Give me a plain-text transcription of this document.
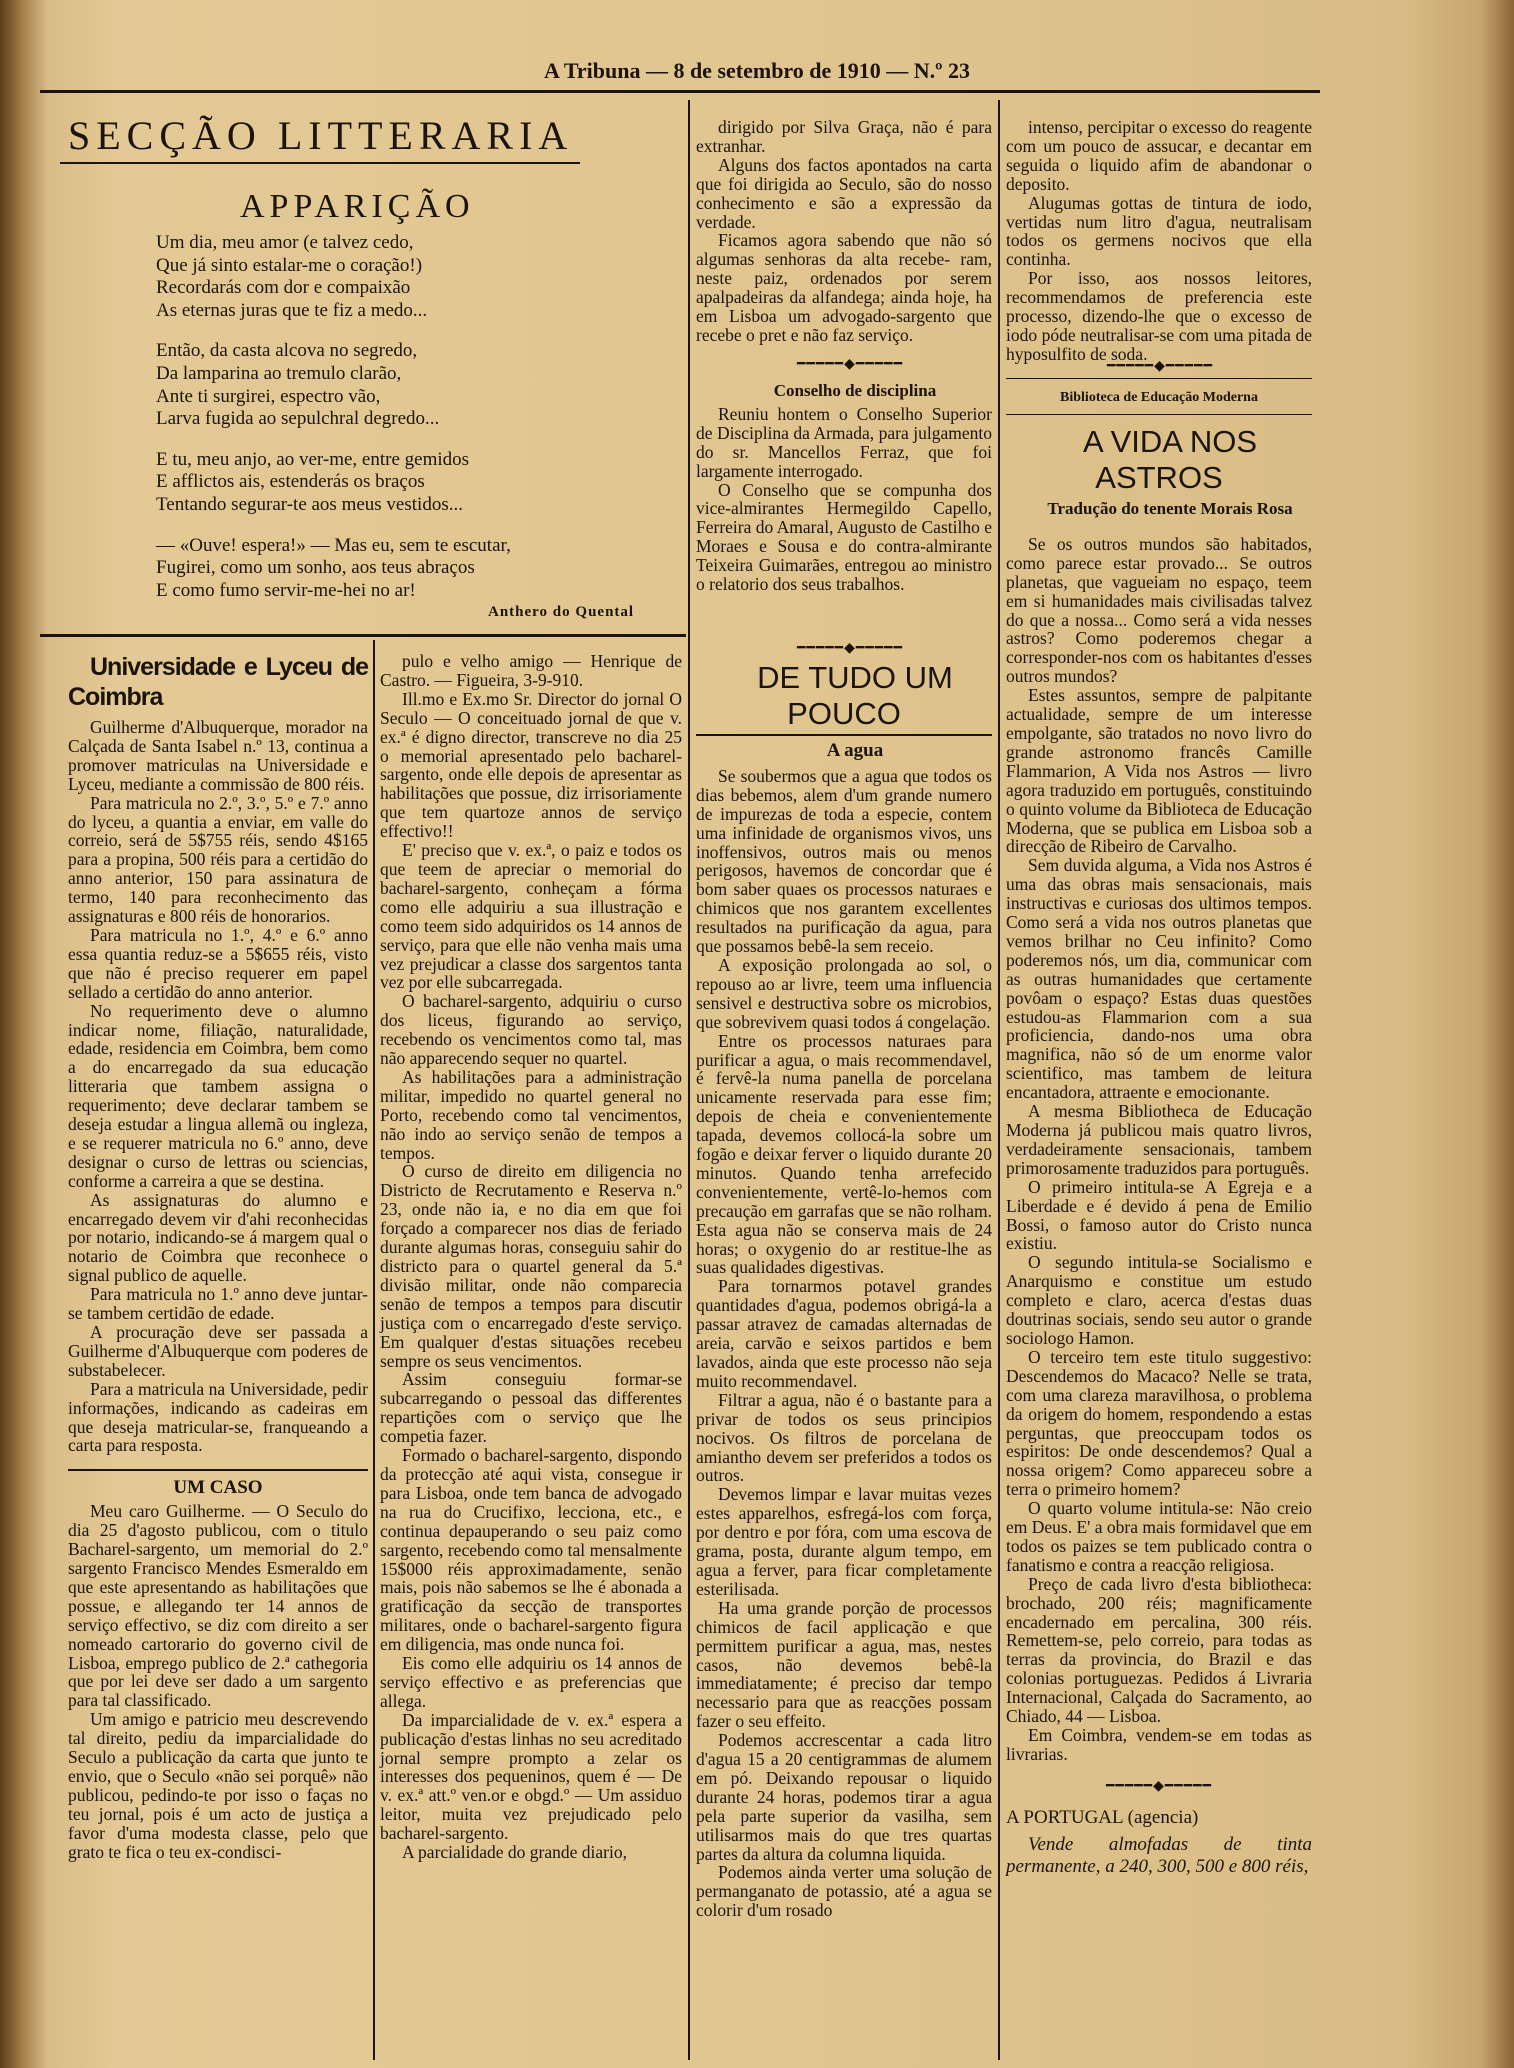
A Tribuna — 8 de setembro de 1910 — N.º 23
SECÇÃO LITTERARIA
APPARIÇÃO
Um dia, meu amor (e talvez cedo,
Que já sinto estalar-me o coração!)
Recordarás com dor e compaixão
As eternas juras que te fiz a medo...
Então, da casta alcova no segredo,
Da lamparina ao tremulo clarão,
Ante ti surgirei, espectro vão,
Larva fugida ao sepulchral degredo...
E tu, meu anjo, ao ver-me, entre gemidos
E afflictos ais, estenderás os braços
Tentando segurar-te aos meus vestidos...
— «Ouve! espera!» — Mas eu, sem te escutar,
Fugirei, como um sonho, aos teus abraços
E como fumo servir-me-hei no ar!
Anthero do Quental

dirigido por Silva Graça, não é para extranhar.

Alguns dos factos apontados na carta que foi dirigida ao Seculo, são do nosso conhecimento e são a expressão da verdade.

Ficamos agora sabendo que não só algumas senhoras da alta recebe- ram, neste paiz, ordenados por serem apalpadeiras da alfandega; ainda hoje, ha em Lisboa um advogado-sargento que recebe o pret e não faz serviço.

━━━━━◆━━━━━

Conselho de disciplina

Reuniu hontem o Conselho Superior de Disciplina da Armada, para julgamento do sr. Mancellos Ferraz, que foi largamente interrogado.

O Conselho que se compunha dos vice-almirantes Hermegildo Capello, Ferreira do Amaral, Augusto de Castilho e Moraes e Sousa e do contra-almirante Teixeira Guimarães, entregou ao ministro o relatorio dos seus trabalhos.

━━━━━◆━━━━━

intenso, percipitar o excesso do reagente com um pouco de assucar, e decantar em seguida o liquido afim de abandonar o deposito.

Alugumas gottas de tintura de iodo, vertidas num litro d'agua, neutralisam todos os germens nocivos que ella continha.

Por isso, aos nossos leitores, recommendamos de preferencia este processo, dizendo-lhe que o excesso de iodo póde neutralisar-se com uma pitada de hyposulfito de soda.

━━━━━◆━━━━━
Biblioteca de Educação Moderna

A VIDA NOS ASTROS

Tradução do tenente Morais Rosa

Se os outros mundos são habitados, como parece estar provado... Se outros planetas, que vagueiam no espaço, teem em si humanidades mais civilisadas talvez do que a nossa... Como será a vida nesses astros? Como poderemos chegar a corresponder-nos com os habitantes d'esses outros mundos?

Estes assuntos, sempre de palpitante actualidade, sempre de um interesse empolgante, são tratados no novo livro do grande astronomo francês Camille Flammarion, A Vida nos Astros — livro agora traduzido em português, constituindo o quinto volume da Biblioteca de Educação Moderna, que se publica em Lisboa sob a direcção de Ribeiro de Carvalho.

Sem duvida alguma, a Vida nos Astros é uma das obras mais sensacionais, mais instructivas e curiosas dos ultimos tempos. Como será a vida nos outros planetas que vemos brilhar no Ceu infinito? Como poderemos nós, um dia, communicar com as outras humanidades que certamente povôam o espaço? Estas duas questões estudou-as Flammarion com a sua proficiencia, dando-nos uma obra magnifica, não só de um enorme valor scientifico, mas tambem de leitura encantadora, attraente e emocionante.

A mesma Bibliotheca de Educação Moderna já publicou mais quatro livros, verdadeiramente sensacionais, tambem primorosamente traduzidos para português.

O primeiro intitula-se A Egreja e a Liberdade e é devido á pena de Emilio Bossi, o famoso autor do Cristo nunca existiu.

O segundo intitula-se Socialismo e Anarquismo e constitue um estudo completo e claro, acerca d'estas duas doutrinas sociais, sendo seu autor o grande sociologo Hamon.

O terceiro tem este titulo suggestivo: Descendemos do Macaco? Nelle se trata, com uma clareza maravilhosa, o problema da origem do homem, respondendo a estas perguntas, que preoccupam todos os espiritos: De onde descendemos? Qual a nossa origem? Como appareceu sobre a terra o primeiro homem?

O quarto volume intitula-se: Não creio em Deus. E' a obra mais formidavel que em todos os paizes se tem publicado contra o fanatismo e contra a reacção religiosa.

Preço de cada livro d'esta bibliotheca: brochado, 200 réis; magnificamente encadernado em percalina, 300 réis. Remettem-se, pelo correio, para todas as terras da provincia, do Brazil e das colonias portuguezas. Pedidos á Livraria Internacional, Calçada do Sacramento, ao Chiado, 44 — Lisboa.

Em Coimbra, vendem-se em todas as livrarias.

━━━━━◆━━━━━

A PORTUGAL (agencia)

Vende almofadas de tinta permanente, a 240, 300, 500 e 800 réis,

Universidade e Lyceu de Coimbra

Guilherme d'Albuquerque, morador na Calçada de Santa Isabel n.º 13, continua a promover matriculas na Universidade e Lyceu, mediante a commissão de 800 réis.

Para matricula no 2.º, 3.º, 5.º e 7.º anno do lyceu, a quantia a enviar, em valle do correio, será de 5$755 réis, sendo 4$165 para a propina, 500 réis para a certidão do anno anterior, 150 para assinatura de termo, 140 para reconhecimento das assignaturas e 800 réis de honorarios.

Para matricula no 1.º, 4.º e 6.º anno essa quantia reduz-se a 5$655 réis, visto que não é preciso requerer em papel sellado a certidão do anno anterior.

No requerimento deve o alumno indicar nome, filiação, naturalidade, edade, residencia em Coimbra, bem como a do encarregado da sua educação litteraria que tambem assigna o requerimento; deve declarar tambem se deseja estudar a lingua allemã ou ingleza, e se requerer matricula no 6.º anno, deve designar o curso de lettras ou sciencias, conforme a carreira a que se destina.

As assignaturas do alumno e encarregado devem vir d'ahi reconhecidas por notario, indicando-se á margem qual o notario de Coimbra que reconhece o signal publico de aquelle.

Para matricula no 1.º anno deve juntar-se tambem certidão de edade.

A procuração deve ser passada a Guilherme d'Albuquerque com poderes de substabelecer.

Para a matricula na Universidade, pedir informações, indicando as cadeiras em que deseja matricular-se, franqueando a carta para resposta.

UM CASO

Meu caro Guilherme. — O Seculo do dia 25 d'agosto publicou, com o titulo Bacharel-sargento, um memorial do 2.º sargento Francisco Mendes Esmeraldo em que este apresentando as habilitações que possue, e allegando ter 14 annos de serviço effectivo, se diz com direito a ser nomeado cartorario do governo civil de Lisboa, emprego publico de 2.ª cathegoria que por lei deve ser dado a um sargento para tal classificado.

Um amigo e patricio meu descrevendo tal direito, pediu da imparcialidade do Seculo a publicação da carta que junto te envio, que o Seculo «não sei porquê» não publicou, pedindo-te por isso o faças no teu jornal, pois é um acto de justiça a favor d'uma modesta classe, pelo que grato te fica o teu ex-condisci-

pulo e velho amigo — Henrique de Castro. — Figueira, 3-9-910.

Ill.mo e Ex.mo Sr. Director do jornal O Seculo — O conceituado jornal de que v. ex.ª é digno director, transcreve no dia 25 o memorial apresentado pelo bacharel-sargento, onde elle depois de apresentar as habilitações que possue, diz irrisoriamente que tem quartoze annos de serviço effectivo!!

E' preciso que v. ex.ª, o paiz e todos os que teem de apreciar o memorial do bacharel-sargento, conheçam a fórma como elle adquiriu a sua illustração e como teem sido adquiridos os 14 annos de serviço, para que elle não venha mais uma vez prejudicar a classe dos sargentos tanta vez por elle subcarregada.

O bacharel-sargento, adquiriu o curso dos liceus, figurando ao serviço, recebendo os vencimentos como tal, mas não apparecendo sequer no quartel.

As habilitações para a administração militar, impedido no quartel general no Porto, recebendo como tal vencimentos, não indo ao serviço senão de tempos a tempos.

O curso de direito em diligencia no Districto de Recrutamento e Reserva n.º 23, onde não ia, e no dia em que foi forçado a comparecer nos dias de feriado durante algumas horas, conseguiu sahir do districto para o quartel general da 5.ª divisão militar, onde não comparecia senão de tempos a tempos para discutir justiça com o encarregado d'este serviço. Em qualquer d'estas situações recebeu sempre os seus vencimentos.

Assim conseguiu formar-se subcarregando o pessoal das differentes repartições com o serviço que lhe competia fazer.

Formado o bacharel-sargento, dispondo da protecção até aqui vista, consegue ir para Lisboa, onde tem banca de advogado na rua do Crucifixo, lecciona, etc., e continua depauperando o seu paiz como sargento, recebendo como tal mensalmente 15$000 réis approximadamente, senão mais, pois não sabemos se lhe é abonada a gratificação da secção de transportes militares, onde o bacharel-sargento figura em diligencia, mas onde nunca foi.

Eis como elle adquiriu os 14 annos de serviço effectivo e as preferencias que allega.

Da imparcialidade de v. ex.ª espera a publicação d'estas linhas no seu acreditado jornal sempre prompto a zelar os interesses dos pequeninos, quem é — De v. ex.ª att.º ven.or e obgd.º — Um assiduo leitor, muita vez prejudicado pelo bacharel-sargento.

A parcialidade do grande diario,

DE TUDO UM POUCO

A agua

Se soubermos que a agua que todos os dias bebemos, alem d'um grande numero de impurezas de toda a especie, contem uma infinidade de organismos vivos, uns inoffensivos, outros mais ou menos perigosos, havemos de concordar que é bom saber quaes os processos naturaes e chimicos que nos garantem excellentes resultados na purificação da agua, para que possamos bebê-la sem receio.

A exposição prolongada ao sol, o repouso ao ar livre, teem uma influencia sensivel e destructiva sobre os microbios, que sobrevivem quasi todos á congelação.

Entre os processos naturaes para purificar a agua, o mais recommendavel, é fervê-la numa panella de porcelana unicamente reservada para esse fim; depois de cheia e convenientemente tapada, devemos collocá-la sobre um fogão e deixar ferver o liquido durante 20 minutos. Quando tenha arrefecido convenientemente, vertê-lo-hemos com precaução em garrafas que se não rolham. Esta agua não se conserva mais de 24 horas; o oxygenio do ar restitue-lhe as suas qualidades digestivas.

Para tornarmos potavel grandes quantidades d'agua, podemos obrigá-la a passar atravez de camadas alternadas de areia, carvão e seixos partidos e bem lavados, ainda que este processo não seja muito recommendavel.

Filtrar a agua, não é o bastante para a privar de todos os seus principios nocivos. Os filtros de porcelana de amiantho devem ser preferidos a todos os outros.

Devemos limpar e lavar muitas vezes estes apparelhos, esfregá-los com força, por dentro e por fóra, com uma escova de grama, posta, durante algum tempo, em agua a ferver, para ficar completamente esterilisada.

Ha uma grande porção de processos chimicos de facil applicação e que permittem purificar a agua, mas, nestes casos, não devemos bebê-la immediatamente; é preciso dar tempo necessario para que as reacções possam fazer o seu effeito.

Podemos accrescentar a cada litro d'agua 15 a 20 centigrammas de alumem em pó. Deixando repousar o liquido durante 24 horas, podemos tirar a agua pela parte superior da vasilha, sem utilisarmos mais do que tres quartas partes da altura da columna liquida.

Podemos ainda verter uma solução de permanganato de potassio, até a agua se colorir d'um rosado
